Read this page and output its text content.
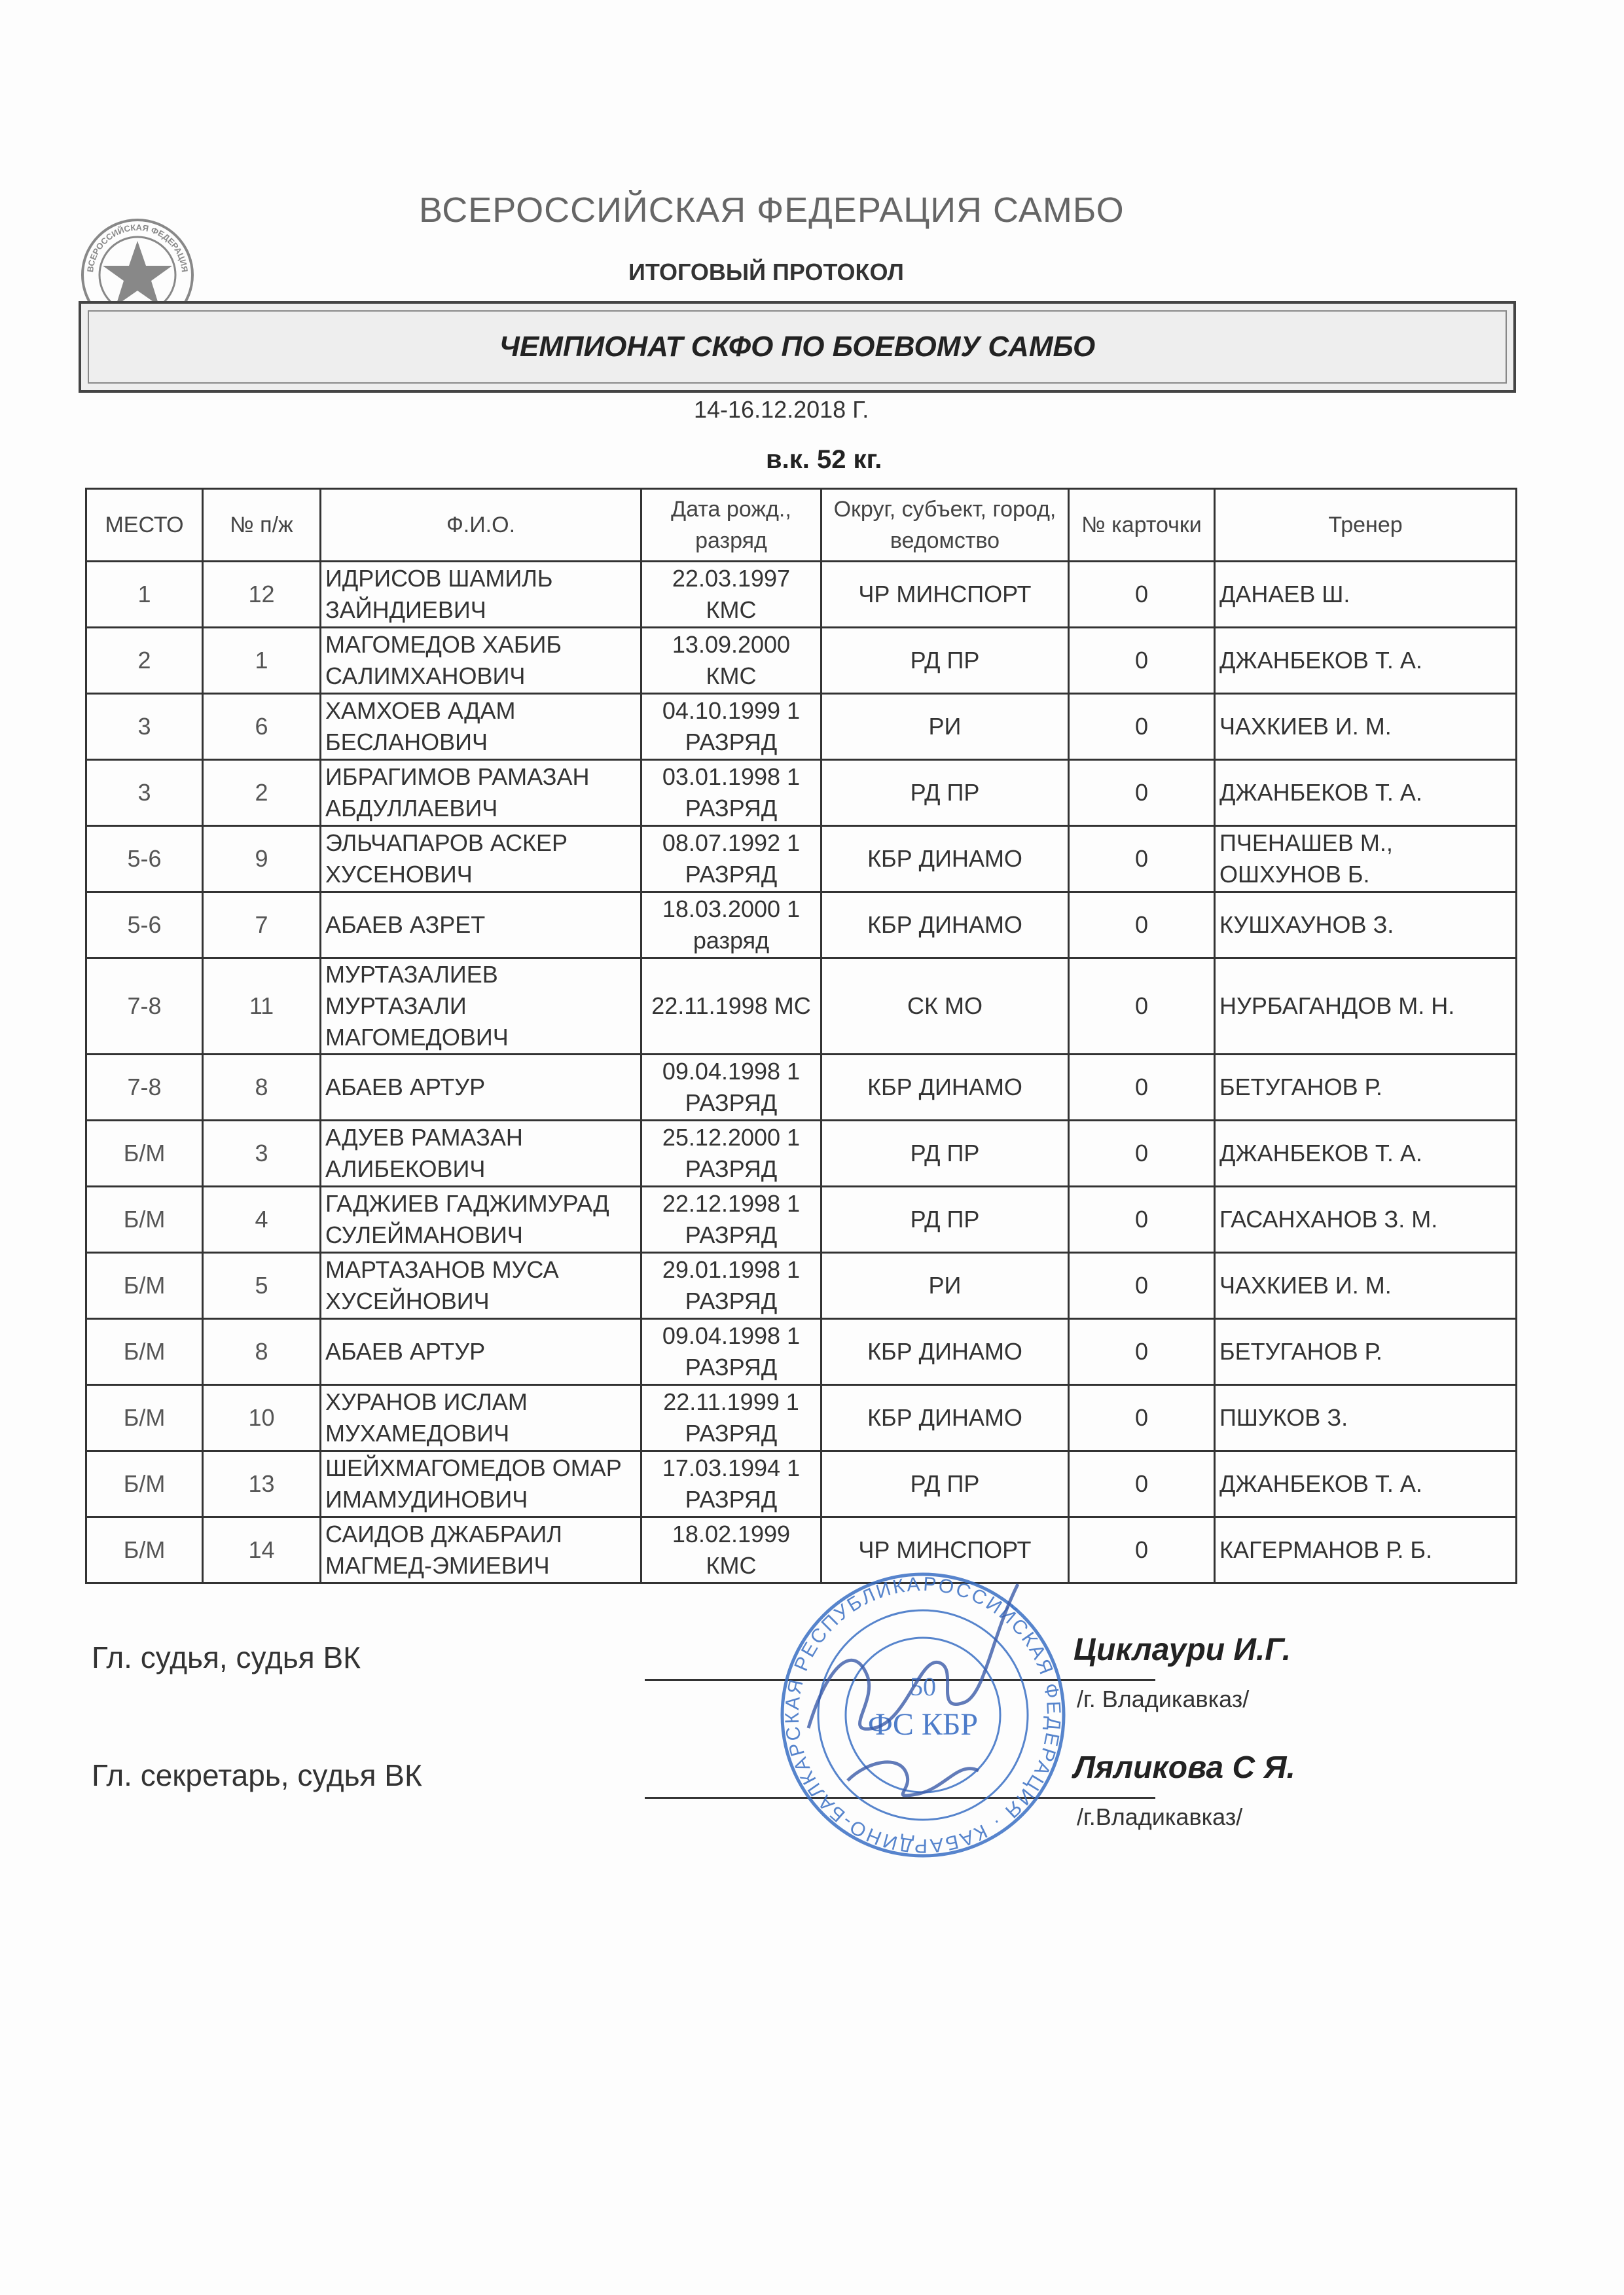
ВСЕРОССИЙСКАЯ ФЕДЕРАЦИЯ
ВСЕРОССИЙСКАЯ ФЕДЕРАЦИЯ САМБО
ИТОГОВЫЙ ПРОТОКОЛ
ЧЕМПИОНАТ СКФО ПО БОЕВОМУ САМБО
14-16.12.2018 Г.
в.к. 52 кг.
МЕСТО	№ п/ж	Ф.И.О.	Дата рожд., разряд	Округ, субъект, город, ведомство	№ карточки	Тренер
1	12	ИДРИСОВ ШАМИЛЬ ЗАЙНДИЕВИЧ	22.03.1997 КМС	ЧР МИНСПОРТ	0	ДАНАЕВ Ш.
2	1	МАГОМЕДОВ ХАБИБ САЛИМХАНОВИЧ	13.09.2000 КМС	РД ПР	0	ДЖАНБЕКОВ Т. А.
3	6	ХАМХОЕВ АДАМ БЕСЛАНОВИЧ	04.10.1999 1 РАЗРЯД	РИ	0	ЧАХКИЕВ И. М.
3	2	ИБРАГИМОВ РАМАЗАН АБДУЛЛАЕВИЧ	03.01.1998 1 РАЗРЯД	РД ПР	0	ДЖАНБЕКОВ Т. А.
5-6	9	ЭЛЬЧАПАРОВ АСКЕР ХУСЕНОВИЧ	08.07.1992 1 РАЗРЯД	КБР ДИНАМО	0	ПЧЕНАШЕВ М., ОШХУНОВ Б.
5-6	7	АБАЕВ АЗРЕТ	18.03.2000 1 разряд	КБР ДИНАМО	0	КУШХАУНОВ З.
7-8	11	МУРТАЗАЛИЕВ МУРТАЗАЛИ МАГОМЕДОВИЧ	22.11.1998 МС	СК МО	0	НУРБАГАНДОВ М. Н.
7-8	8	АБАЕВ АРТУР	09.04.1998 1 РАЗРЯД	КБР ДИНАМО	0	БЕТУГАНОВ Р.
Б/М	3	АДУЕВ РАМАЗАН АЛИБЕКОВИЧ	25.12.2000 1 РАЗРЯД	РД ПР	0	ДЖАНБЕКОВ Т. А.
Б/М	4	ГАДЖИЕВ ГАДЖИМУРАД СУЛЕЙМАНОВИЧ	22.12.1998 1 РАЗРЯД	РД ПР	0	ГАСАНХАНОВ З. М.
Б/М	5	МАРТАЗАНОВ МУСА ХУСЕЙНОВИЧ	29.01.1998 1 РАЗРЯД	РИ	0	ЧАХКИЕВ И. М.
Б/М	8	АБАЕВ АРТУР	09.04.1998 1 РАЗРЯД	КБР ДИНАМО	0	БЕТУГАНОВ Р.
Б/М	10	ХУРАНОВ ИСЛАМ МУХАМЕДОВИЧ	22.11.1999 1 РАЗРЯД	КБР ДИНАМО	0	ПШУКОВ З.
Б/М	13	ШЕЙХМАГОМЕДОВ ОМАР ИМАМУДИНОВИЧ	17.03.1994 1 РАЗРЯД	РД ПР	0	ДЖАНБЕКОВ Т. А.
Б/М	14	САИДОВ ДЖАБРАИЛ МАГМЕД-ЭМИЕВИЧ	18.02.1999 КМС	ЧР МИНСПОРТ	0	КАГЕРМАНОВ Р. Б.
Гл. судья, судья ВК	Циклаури И.Г.
/г. Владикавказ/
Гл. секретарь, судья ВК	Ляликова С Я.
/г.Владикавказ/
РОССИЙСКАЯ ФЕДЕРАЦИЯ · КАБАРДИНО-БАЛКАРСКАЯ РЕСПУБЛИКА
50
ФС КБР
